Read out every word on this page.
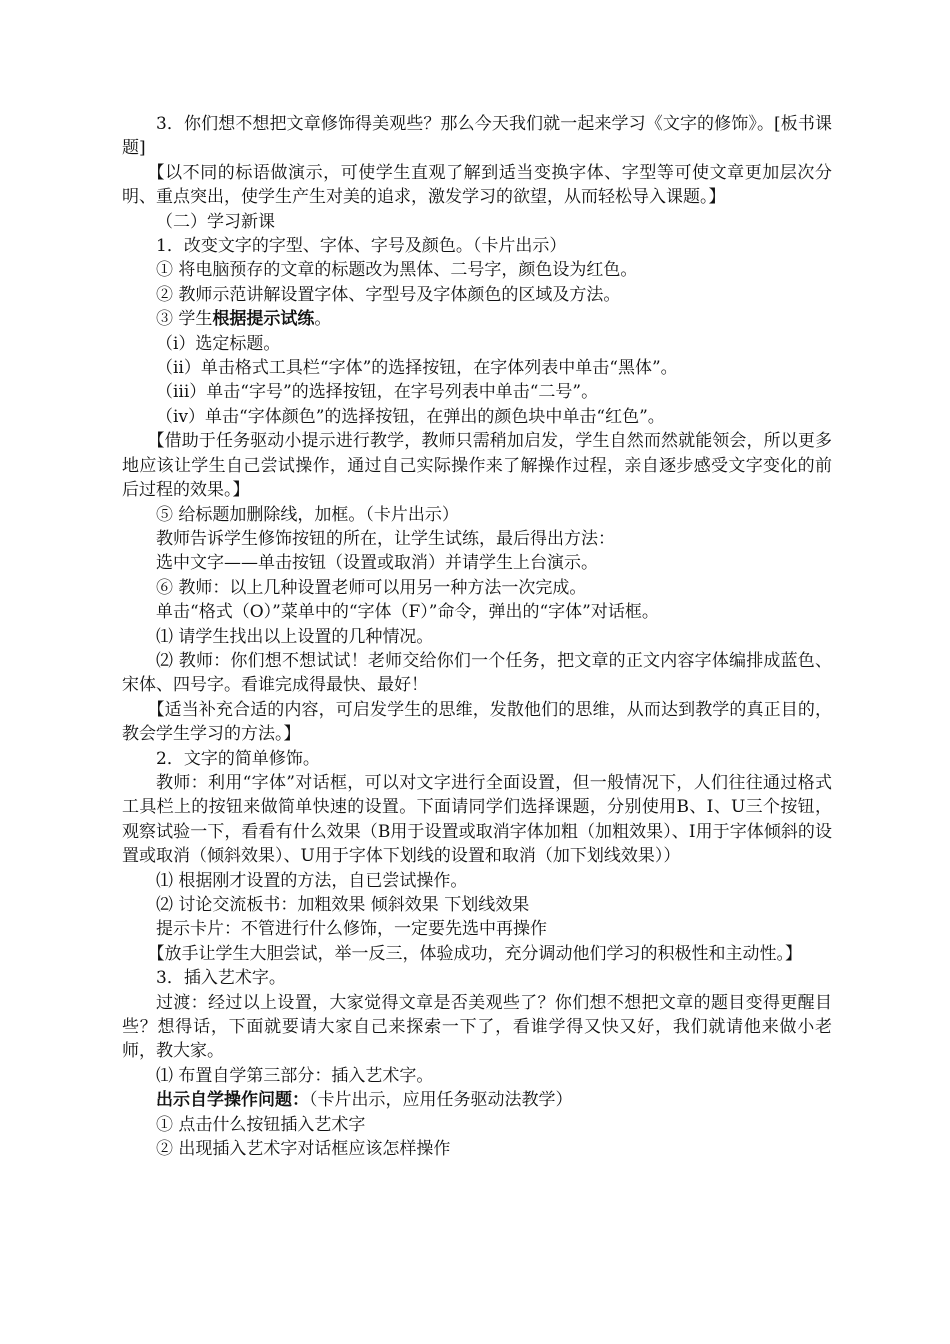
3．你们想不想把文章修饰得美观些？那么今天我们就一起来学习《文字的修饰》。[板书课题]

【以不同的标语做演示，可使学生直观了解到适当变换字体、字型等可使文章更加层次分明、重点突出，使学生产生对美的追求，激发学习的欲望，从而轻松导入课题。】

（二）学习新课

1．改变文字的字型、字体、字号及颜色。（卡片出示）

① 将电脑预存的文章的标题改为黑体、二号字，颜色设为红色。

② 教师示范讲解设置字体、字型号及字体颜色的区域及方法。

③ 学生根据提示试练。

（ⅰ）选定标题。

（ⅱ）单击格式工具栏“字体”的选择按钮，在字体列表中单击“黑体”。

（ⅲ）单击“字号”的选择按钮，在字号列表中单击“二号”。

（ⅳ）单击“字体颜色”的选择按钮，在弹出的颜色块中单击“红色”。

【借助于任务驱动小提示进行教学，教师只需稍加启发，学生自然而然就能领会，所以更多地应该让学生自己尝试操作，通过自己实际操作来了解操作过程，亲自逐步感受文字变化的前后过程的效果。】

⑤ 给标题加删除线，加框。（卡片出示）

教师告诉学生修饰按钮的所在，让学生试练，最后得出方法：

选中文字——单击按钮（设置或取消）并请学生上台演示。

⑥ 教师：以上几种设置老师可以用另一种方法一次完成。

单击“格式（O）”菜单中的“字体（F）”命令，弹出的“字体”对话框。

⑴ 请学生找出以上设置的几种情况。

⑵ 教师：你们想不想试试！老师交给你们一个任务，把文章的正文内容字体编排成蓝色、宋体、四号字。看谁完成得最快、最好！

【适当补充合适的内容，可启发学生的思维，发散他们的思维，从而达到教学的真正目的，教会学生学习的方法。】

2．文字的简单修饰。

教师：利用“字体”对话框，可以对文字进行全面设置，但一般情况下，人们往往通过格式工具栏上的按钮来做简单快速的设置。下面请同学们选择课题，分别使用B、I、U三个按钮，观察试验一下，看看有什么效果（B用于设置或取消字体加粗（加粗效果）、I用于字体倾斜的设置或取消（倾斜效果）、U用于字体下划线的设置和取消（加下划线效果））

⑴ 根据刚才设置的方法，自已尝试操作。

⑵ 讨论交流板书：加粗效果 倾斜效果 下划线效果

提示卡片：不管进行什么修饰，一定要先选中再操作

【放手让学生大胆尝试，举一反三，体验成功，充分调动他们学习的积极性和主动性。】

3．插入艺术字。

过渡：经过以上设置，大家觉得文章是否美观些了？你们想不想把文章的题目变得更醒目些？想得话，下面就要请大家自己来探索一下了，看谁学得又快又好，我们就请他来做小老师，教大家。

⑴ 布置自学第三部分：插入艺术字。

出示自学操作问题：（卡片出示，应用任务驱动法教学）

① 点击什么按钮插入艺术字

② 出现插入艺术字对话框应该怎样操作
